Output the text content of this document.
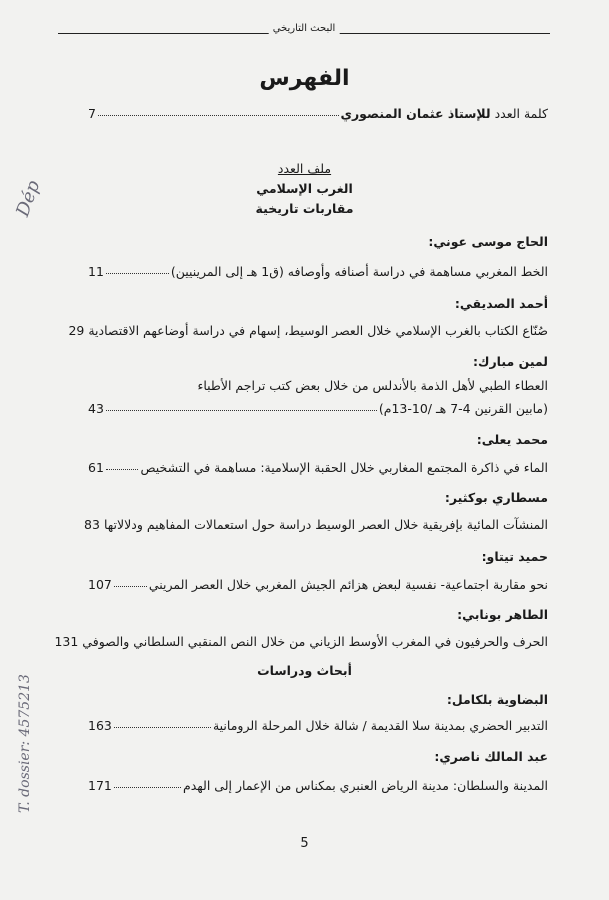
البحث التاريخي
الفهرس
كلمة العدد

للإستاذ عثمان المنصوري
7
ملف العدد
الغرب الإسلامي
مقاربات تاريخية
الحاج موسى عوني:
الخط المغربي مساهمة في دراسة أصنافه وأوصافه (ق1 هـ إلى المرينيين)
11
أحمد الصديقي:
صُنّاع الكتاب بالغرب الإسلامي خلال العصر الوسيط، إسهام في دراسة أوضاعهم الاقتصادية
29
لمين مبارك:
العطاء الطبي لأهل الذمة بالأندلس من خلال بعض كتب تراجم الأطباء
(مابين القرنين 4-7 هـ /10-13م)
43
محمد يعلى:
الماء في ذاكرة المجتمع المغاربي خلال الحقبة الإسلامية: مساهمة في التشخيص
61
مسطاري بوكثير:
المنشآت المائية بإفريقية خلال العصر الوسيط دراسة حول استعمالات المفاهيم ودلالاتها
83
حميد تيتاو:
نحو مقاربة اجتماعية- نفسية لبعض هزائم الجيش المغربي خلال العصر المريني
107
الطاهر بونابي:
الحرف والحرفيون في المغرب الأوسط الزياني من خلال النص المنقبي السلطاني والصوفي
131
أبحاث ودراسات
البضاوية بلكامل:
التدبير الحضري بمدينة سلا القديمة / شالة خلال المرحلة الرومانية
163
عبد المالك ناصري:
المدينة والسلطان: مدينة الرياض العنبري بمكناس من الإعمار إلى الهدم
171
5
Dép
T. dossier: 4575213
